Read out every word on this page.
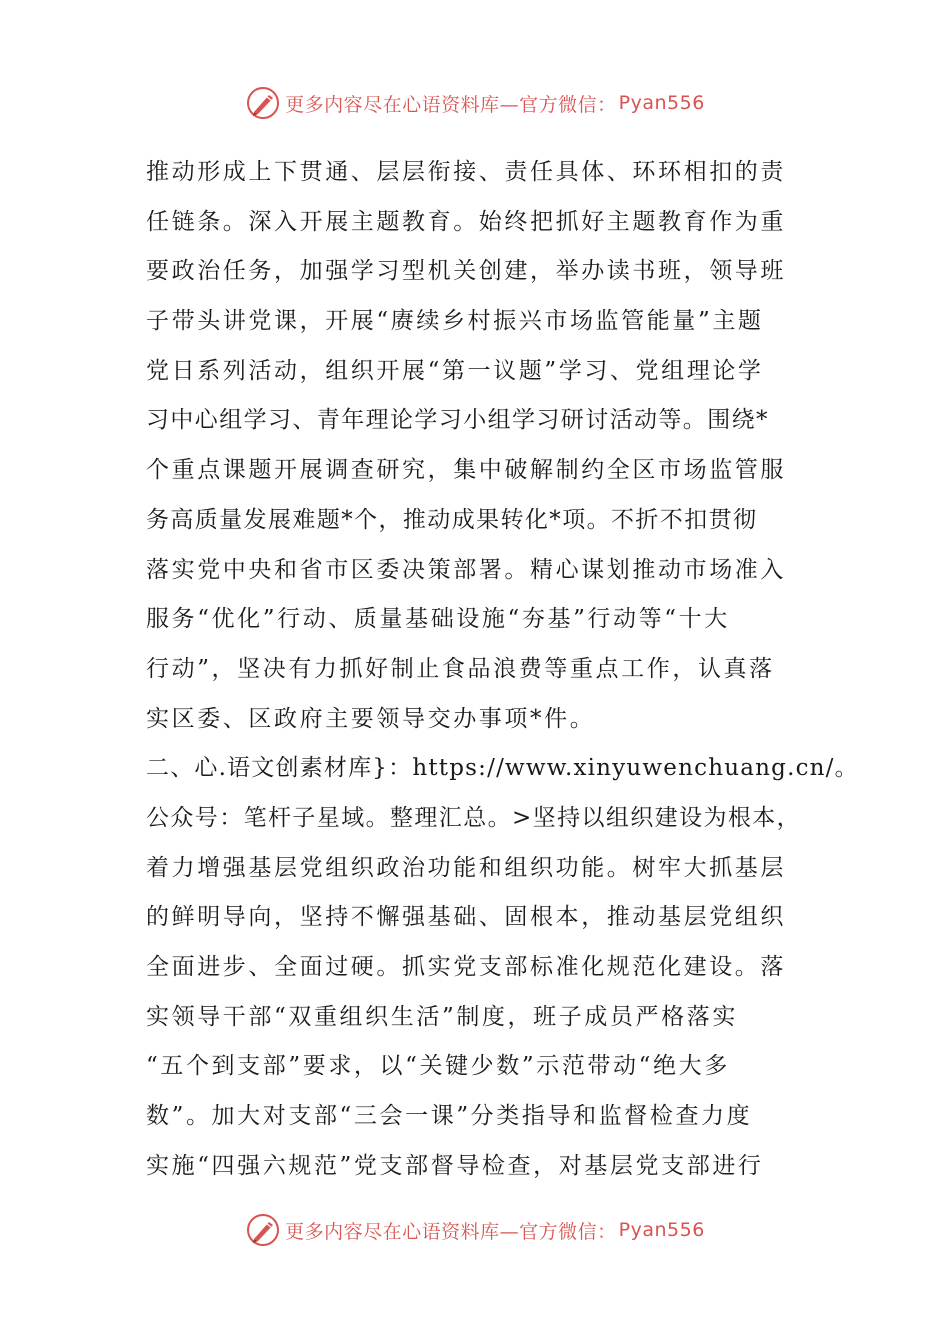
更多内容尽在心语资料库—官方微信： Pyan556
推动形成上下贯通、层层衔接、责任具体、环环相扣的责
任链条。深入开展主题教育。始终把抓好主题教育作为重
要政治任务，加强学习型机关创建，举办读书班，领导班
子带头讲党课，开展“赓续乡村振兴市场监管能量”主题
党日系列活动，组织开展“第一议题”学习、党组理论学
习中心组学习、青年理论学习小组学习研讨活动等。围绕*
个重点课题开展调查研究，集中破解制约全区市场监管服
务高质量发展难题*个，推动成果转化*项。不折不扣贯彻
落实党中央和省市区委决策部署。精心谋划推动市场准入
服务“优化”行动、质量基础设施“夯基”行动等“十大
行动”，坚决有力抓好制止食品浪费等重点工作，认真落
实区委、区政府主要领导交办事项*件。
二、心.语文创素材库}：https://www.xinyuwenchuang.cn/。
公众号：笔杆子星域。整理汇总。>坚持以组织建设为根本，
着力增强基层党组织政治功能和组织功能。树牢大抓基层
的鲜明导向，坚持不懈强基础、固根本，推动基层党组织
全面进步、全面过硬。抓实党支部标准化规范化建设。落
实领导干部“双重组织生活”制度，班子成员严格落实
“五个到支部”要求，以“关键少数”示范带动“绝大多
数”。加大对支部“三会一课”分类指导和监督检查力度
实施“四强六规范”党支部督导检查，对基层党支部进行
更多内容尽在心语资料库—官方微信： Pyan556
